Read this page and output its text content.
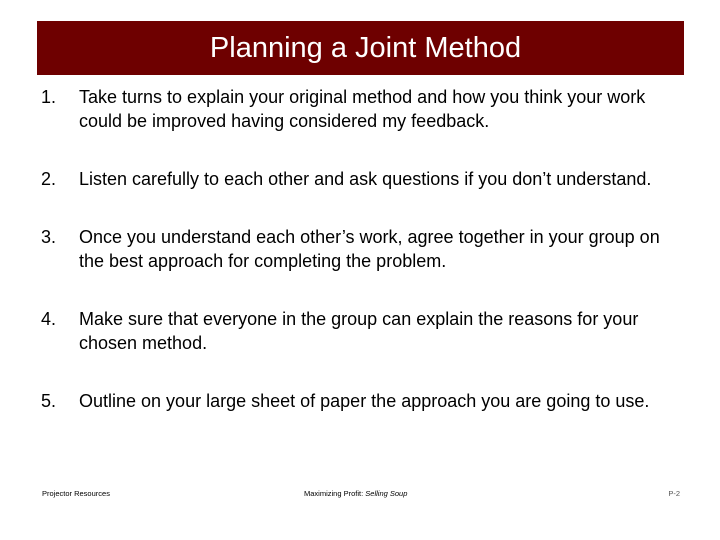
Planning a Joint Method
1. Take turns to explain your original method and how you think your work could be improved having considered my feedback.
2. Listen carefully to each other and ask questions if you don’t understand.
3. Once you understand each other’s work, agree together in your group on the best approach for completing the problem.
4. Make sure that everyone in the group can explain the reasons for your chosen method.
5. Outline on your large sheet of paper the approach you are going to use.
Projector Resources	Maximizing Profit: Selling Soup	P-2
